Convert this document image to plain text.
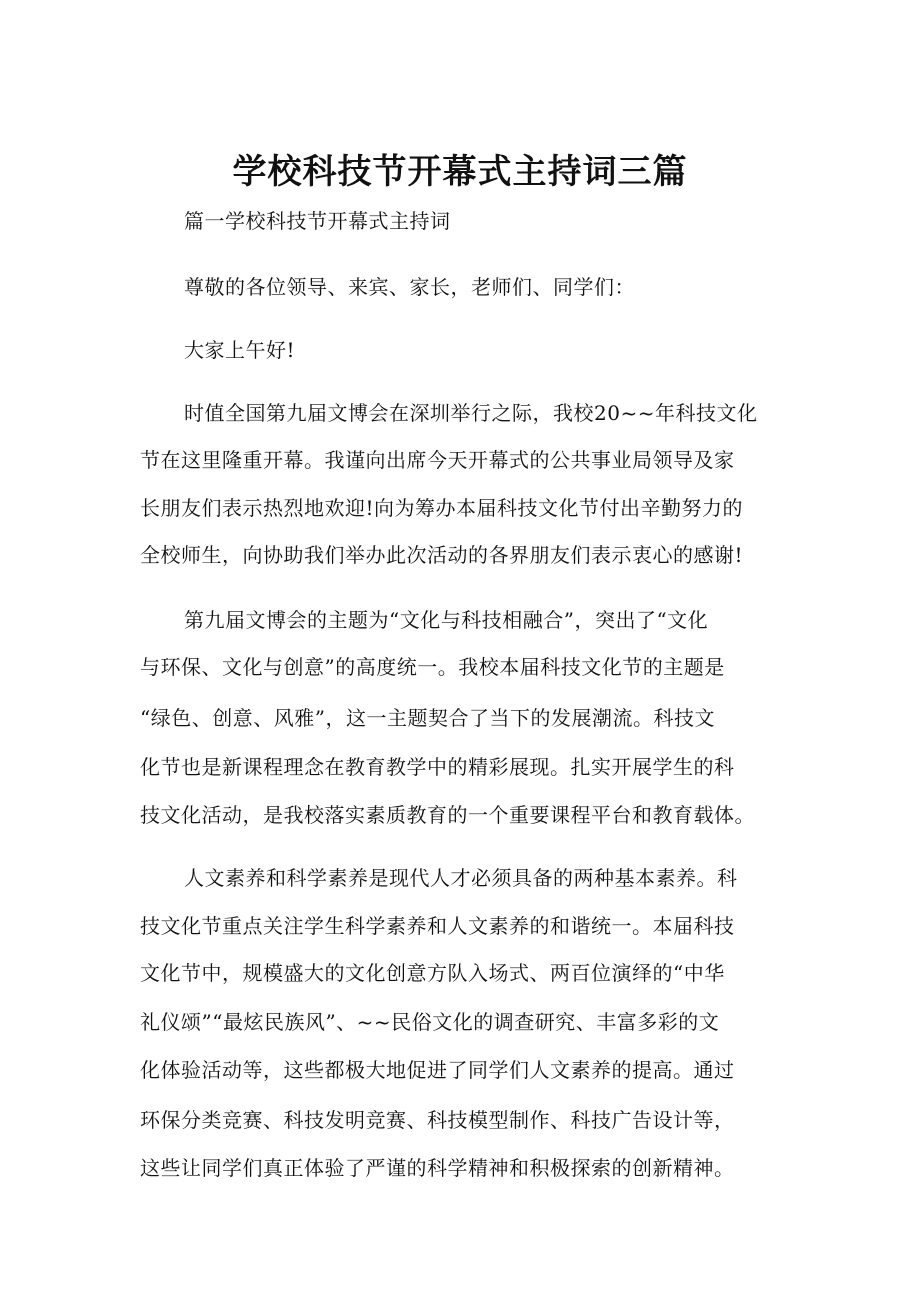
学校科技节开幕式主持词三篇
篇一学校科技节开幕式主持词
尊敬的各位领导、来宾、家长，老师们、同学们：
大家上午好!
时值全国第九届文博会在深圳举行之际，我校20~~年科技文化
节在这里隆重开幕。我谨向出席今天开幕式的公共事业局领导及家
长朋友们表示热烈地欢迎!向为筹办本届科技文化节付出辛勤努力的
全校师生，向协助我们举办此次活动的各界朋友们表示衷心的感谢!
第九届文博会的主题为“文化与科技相融合”，突出了“文化
与环保、文化与创意”的高度统一。我校本届科技文化节的主题是
“绿色、创意、风雅”，这一主题契合了当下的发展潮流。科技文
化节也是新课程理念在教育教学中的精彩展现。扎实开展学生的科
技文化活动，是我校落实素质教育的一个重要课程平台和教育载体。
人文素养和科学素养是现代人才必须具备的两种基本素养。科
技文化节重点关注学生科学素养和人文素养的和谐统一。本届科技
文化节中，规模盛大的文化创意方队入场式、两百位演绎的“中华
礼仪颂”“最炫民族风”、~~民俗文化的调查研究、丰富多彩的文
化体验活动等，这些都极大地促进了同学们人文素养的提高。通过
环保分类竞赛、科技发明竞赛、科技模型制作、科技广告设计等，
这些让同学们真正体验了严谨的科学精神和积极探索的创新精神。
